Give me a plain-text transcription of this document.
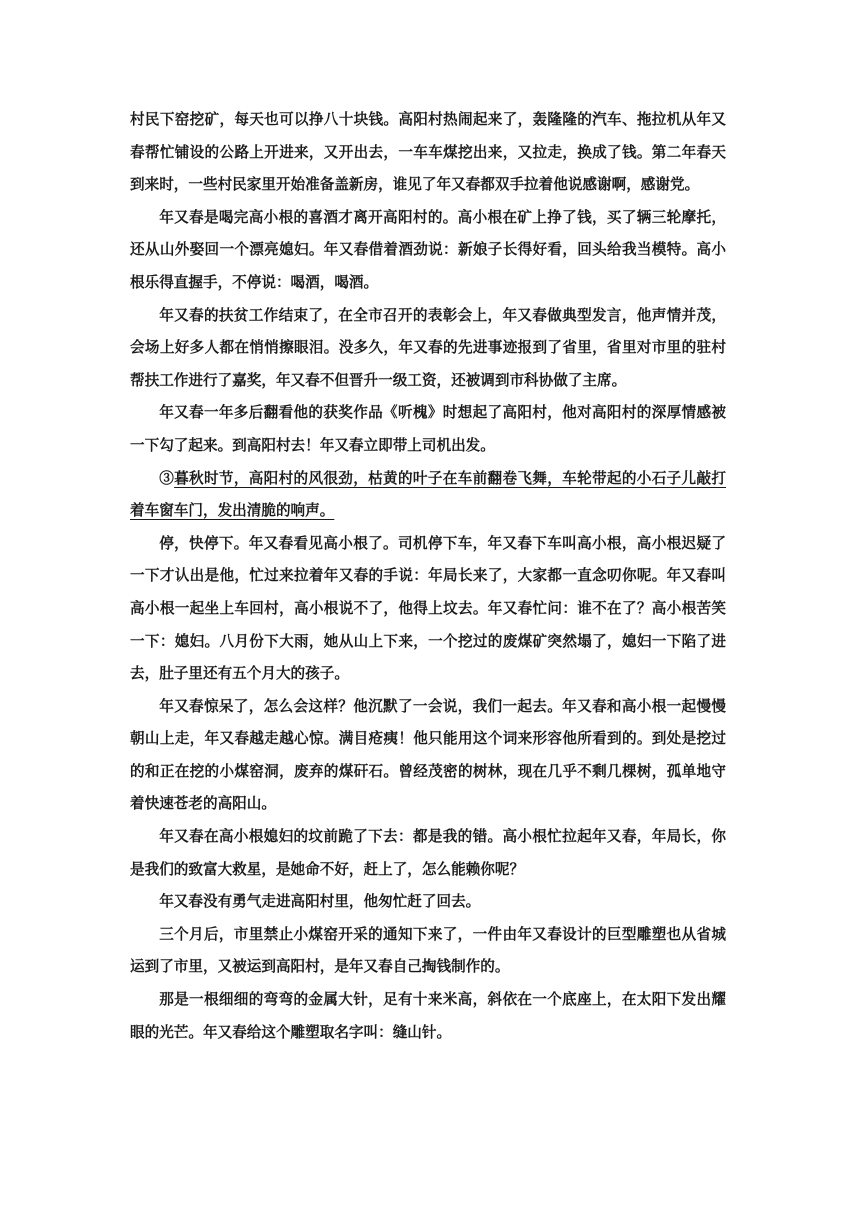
村民下窑挖矿，每天也可以挣八十块钱。高阳村热闹起来了，轰隆隆的汽车、拖拉机从年又春帮忙铺设的公路上开进来，又开出去，一车车煤挖出来，又拉走，换成了钱。第二年春天到来时，一些村民家里开始准备盖新房，谁见了年又春都双手拉着他说感谢啊，感谢党。

年又春是喝完高小根的喜酒才离开高阳村的。高小根在矿上挣了钱，买了辆三轮摩托，还从山外娶回一个漂亮媳妇。年又春借着酒劲说：新娘子长得好看，回头给我当模特。高小根乐得直握手，不停说：喝酒，喝酒。

年又春的扶贫工作结束了，在全市召开的表彰会上，年又春做典型发言，他声情并茂，会场上好多人都在悄悄擦眼泪。没多久，年又春的先进事迹报到了省里，省里对市里的驻村帮扶工作进行了嘉奖，年又春不但晋升一级工资，还被调到市科协做了主席。

年又春一年多后翻看他的获奖作品《听槐》时想起了高阳村，他对高阳村的深厚情感被一下勾了起来。到高阳村去！年又春立即带上司机出发。

③暮秋时节，高阳村的风很劲，枯黄的叶子在车前翻卷飞舞，车轮带起的小石子儿敲打着车窗车门，发出清脆的响声。

停，快停下。年又春看见高小根了。司机停下车，年又春下车叫高小根，高小根迟疑了一下才认出是他，忙过来拉着年又春的手说：年局长来了，大家都一直念叨你呢。年又春叫高小根一起坐上车回村，高小根说不了，他得上坟去。年又春忙问：谁不在了？高小根苦笑一下：媳妇。八月份下大雨，她从山上下来，一个挖过的废煤矿突然塌了，媳妇一下陷了进去，肚子里还有五个月大的孩子。

年又春惊呆了，怎么会这样？他沉默了一会说，我们一起去。年又春和高小根一起慢慢朝山上走，年又春越走越心惊。满目疮痍！他只能用这个词来形容他所看到的。到处是挖过的和正在挖的小煤窑洞，废弃的煤矸石。曾经茂密的树林，现在几乎不剩几棵树，孤单地守着快速苍老的高阳山。

年又春在高小根媳妇的坟前跪了下去：都是我的错。高小根忙拉起年又春，年局长，你是我们的致富大救星，是她命不好，赶上了，怎么能赖你呢？

年又春没有勇气走进高阳村里，他匆忙赶了回去。

三个月后，市里禁止小煤窑开采的通知下来了，一件由年又春设计的巨型雕塑也从省城运到了市里，又被运到高阳村，是年又春自己掏钱制作的。

那是一根细细的弯弯的金属大针，足有十来米高，斜依在一个底座上，在太阳下发出耀眼的光芒。年又春给这个雕塑取名字叫：缝山针。
